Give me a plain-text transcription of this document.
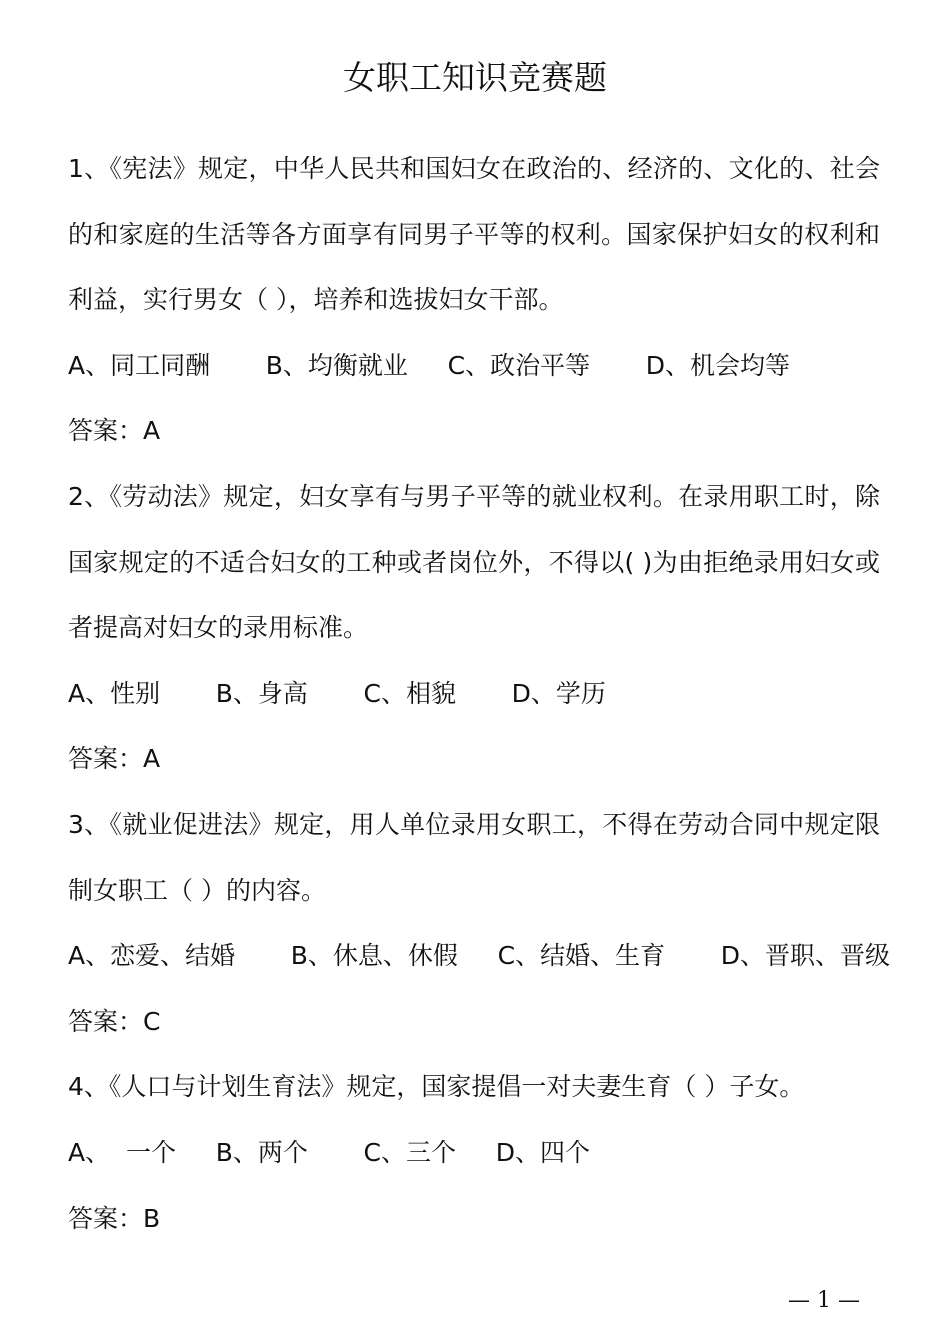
女职工知识竞赛题

1、《宪法》规定，中华人民共和国妇女在政治的、经济的、文化的、社会的和家庭的生活等各方面享有同男子平等的权利。国家保护妇女的权利和利益，实行男女（ ），培养和选拔妇女干部。

A、同工同酬       B、均衡就业     C、政治平等       D、机会均等
答案：A

2、《劳动法》规定，妇女享有与男子平等的就业权利。在录用职工时，除国家规定的不适合妇女的工种或者岗位外，不得以( )为由拒绝录用妇女或者提高对妇女的录用标准。

A、性别       B、身高       C、相貌       D、学历
答案：A

3、《就业促进法》规定，用人单位录用女职工，不得在劳动合同中规定限制女职工（ ）的内容。

A、恋爱、结婚       B、休息、休假     C、结婚、生育       D、晋职、晋级
答案：C

4、《人口与计划生育法》规定，国家提倡一对夫妻生育（ ）子女。

A、  一个     B、两个       C、三个     D、四个
答案：B
— 1 —
